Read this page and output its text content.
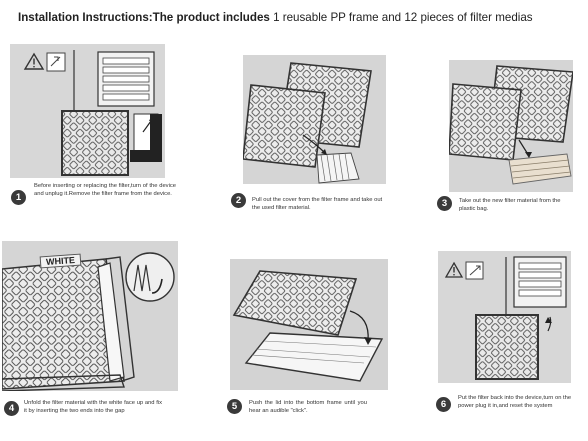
Installation Instructions:The product includes 1 reusable PP frame and 12 pieces of filter medias
1
Before inserting or replacing the filter,turn of the device and unplug it.Remove the filter frame from the device.
2	Pull out the cover from the filter frame and take out the used filter material.	3	Take out the new filter material from the plastic bag.
WHITE
4	Unfold the filter material with the white face up and fix it by inserting the two ends into the gap	5	Push the lid into the bottom frame until you hear an audible "click".
6
Put the filter back into the device,turn on the power plug it in,and reset the system
